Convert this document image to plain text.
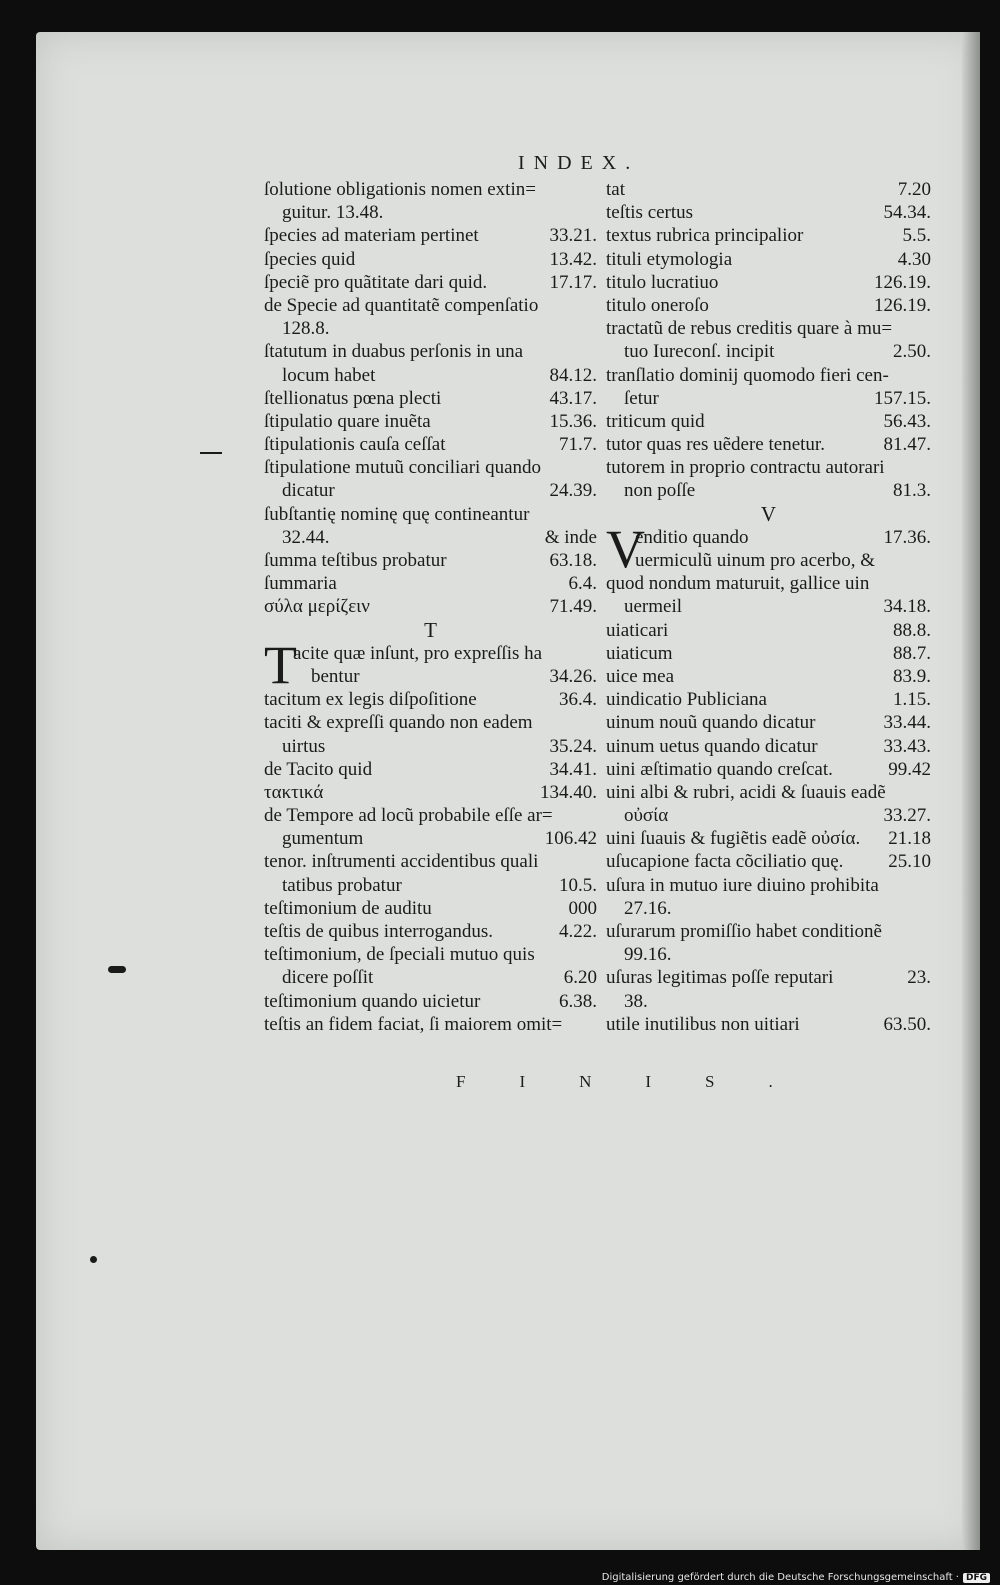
INDEX.
ſolutione obligationis nomen extin=
guitur. 13.48.
ſpecies ad materiam pertinet	33.21.
ſpecies quid	13.42.
ſpeciẽ pro quãtitate dari quid.	17.17.
de Specie ad quantitatẽ compenſatio
128.8.
ſtatutum in duabus perſonis in una
locum habet	84.12.
ſtellionatus pœna plecti	43.17.
ſtipulatio quare inuẽta	15.36.
ſtipulationis cauſa ceſſat	71.7.
ſtipulatione mutuũ conciliari quando
dicatur	24.39.
ſubſtantię nominę quę contineantur
32.44.	& inde
ſumma teſtibus probatur	63.18.
ſummaria	6.4.
σύλα μερίζειν	71.49.
T
T
acite quæ inſunt, pro expreſſis ha
bentur	34.26.
tacitum ex legis diſpoſitione	36.4.
taciti & expreſſi quando non eadem
uirtus	35.24.
de Tacito quid	34.41.
τακτικά	134.40.
de Tempore ad locũ probabile eſſe ar=
gumentum	106.42
tenor. inſtrumenti accidentibus quali
tatibus probatur	10.5.
teſtimonium de auditu	000
teſtis de quibus interrogandus.	4.22.
teſtimonium, de ſpeciali mutuo quis
dicere poſſit	6.20
teſtimonium quando uicietur	6.38.
teſtis an fidem faciat, ſi maiorem omit=
tat	7.20
teſtis certus	54.34.
textus rubrica principalior	5.5.
tituli etymologia	4.30
titulo lucratiuo	126.19.
titulo oneroſo	126.19.
tractatũ de rebus creditis quare à mu=
tuo Iureconſ. incipit	2.50.
tranſlatio dominij quomodo fieri cen-
ſetur	157.15.
triticum quid	56.43.
tutor quas res uẽdere tenetur.	81.47.
tutorem in proprio contractu autorari
non poſſe	81.3.
V
V
enditio quando	17.36.
uermiculũ uinum pro acerbo, &
quod nondum maturuit, gallice uin
uermeil	34.18.
uiaticari	88.8.
uiaticum	88.7.
uice mea	83.9.
uindicatio Publiciana	1.15.
uinum nouũ quando dicatur	33.44.
uinum uetus quando dicatur	33.43.
uini æſtimatio quando creſcat.	99.42
uini albi & rubri, acidi & ſuauis eadẽ
οὐσία	33.27.
uini ſuauis & fugiẽtis eadẽ οὐσία.	21.18
uſucapione facta cõciliatio quę.	25.10
uſura in mutuo iure diuino prohibita
27.16.
uſurarum promiſſio habet conditionẽ
99.16.
uſuras legitimas poſſe reputari	23.
38.
utile inutilibus non uitiari	63.50.
FINIS.
Digitalisierung gefördert durch die Deutsche Forschungsgemeinschaft · DFG
